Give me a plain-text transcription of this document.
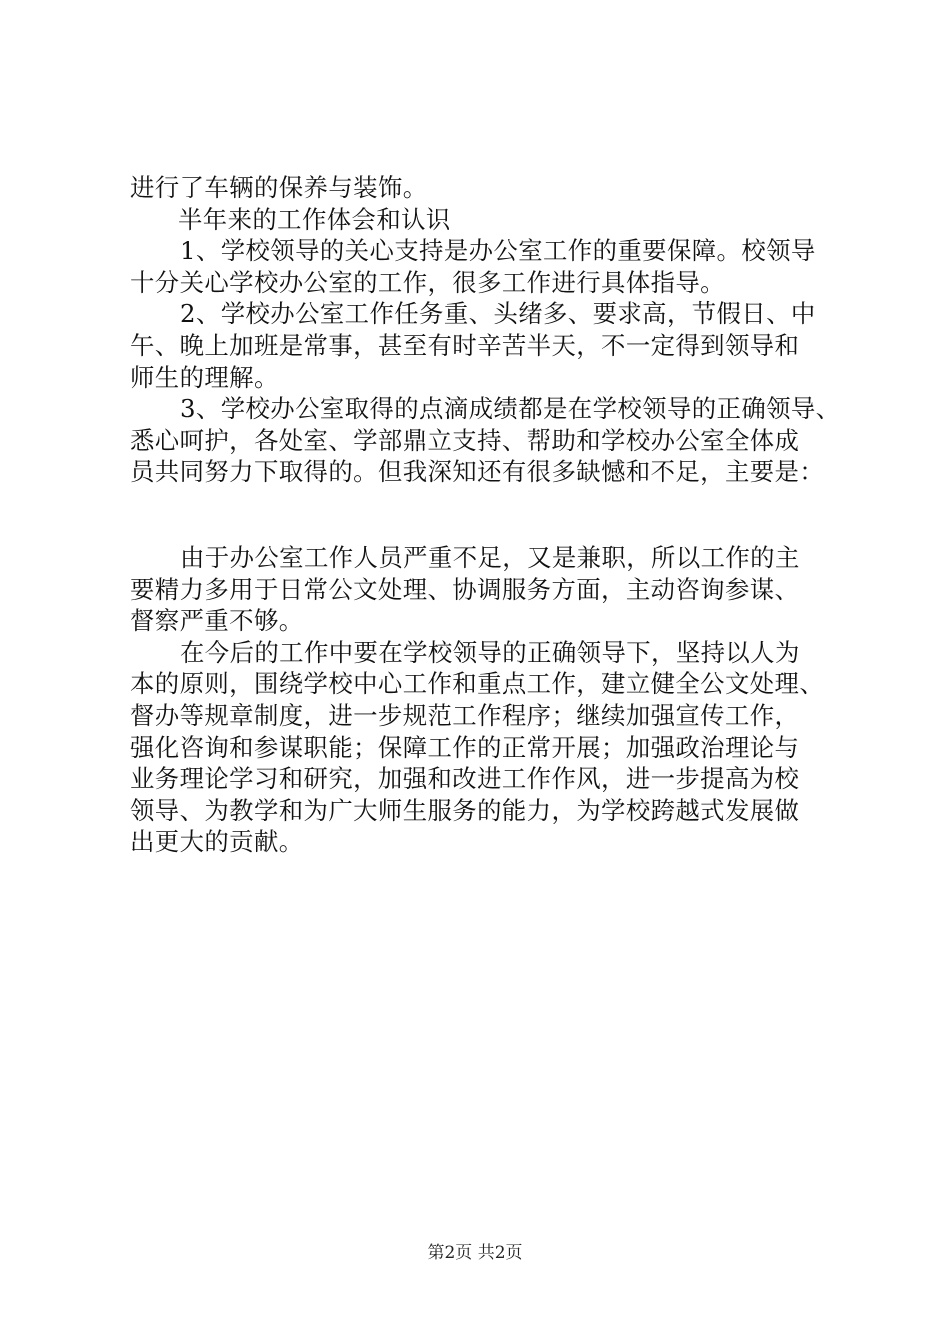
进行了车辆的保养与装饰。
半年来的工作体会和认识
1、学校领导的关心支持是办公室工作的重要保障。校领导
十分关心学校办公室的工作，很多工作进行具体指导。
2、学校办公室工作任务重、头绪多、要求高，节假日、中
午、晚上加班是常事，甚至有时辛苦半天，不一定得到领导和
师生的理解。
3、学校办公室取得的点滴成绩都是在学校领导的正确领导、
悉心呵护，各处室、学部鼎立支持、帮助和学校办公室全体成
员共同努力下取得的。但我深知还有很多缺憾和不足，主要是：
由于办公室工作人员严重不足，又是兼职，所以工作的主
要精力多用于日常公文处理、协调服务方面，主动咨询参谋、
督察严重不够。
在今后的工作中要在学校领导的正确领导下，坚持以人为
本的原则，围绕学校中心工作和重点工作，建立健全公文处理、
督办等规章制度，进一步规范工作程序；继续加强宣传工作，
强化咨询和参谋职能；保障工作的正常开展；加强政治理论与
业务理论学习和研究，加强和改进工作作风，进一步提高为校
领导、为教学和为广大师生服务的能力，为学校跨越式发展做
出更大的贡献。
第2页 共2页
